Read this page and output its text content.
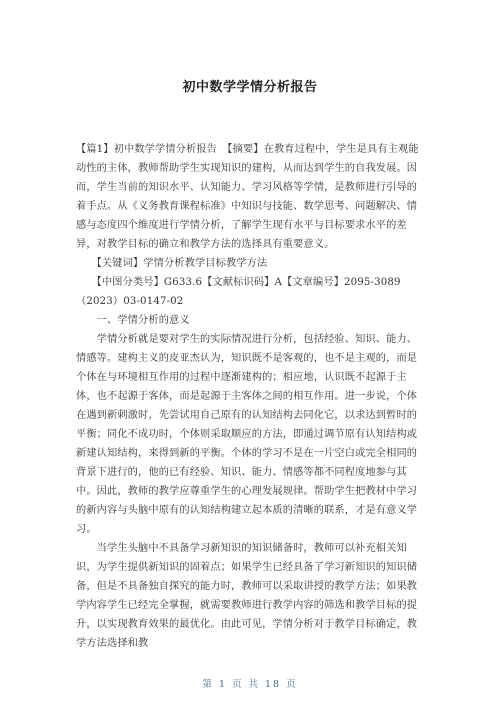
初中数学学情分析报告

【篇1】初中数学学情分析报告　【摘要】在教育过程中，学生是具有主观能动性的主体，教师帮助学生实现知识的建构，从而达到学生的自我发展。因而，学生当前的知识水平、认知能力、学习风格等学情，是教师进行引导的着手点。从《义务教育课程标准》中知识与技能、数学思考、问题解决、情感与态度四个维度进行学情分析，了解学生现有水平与目标要求水平的差异，对教学目标的确立和教学方法的选择具有重要意义。

　　【关键词】学情分析教学目标教学方法

　　【中图分类号】G633.6【文献标识码】A【文章编号】2095-3089（2023）03-0147-02

　　一、学情分析的意义

　　学情分析就是要对学生的实际情况进行分析，包括经验、知识、能力、情感等。建构主义的皮亚杰认为，知识既不是客观的，也不是主观的，而是个体在与环境相互作用的过程中逐渐建构的；相应地，认识既不起源于主体，也不起源于客体，而是起源于主客体之间的相互作用。进一步说，个体在遇到新刺激时，先尝试用自己原有的认知结构去同化它，以求达到暂时的平衡；同化不成功时，个体则采取顺应的方法，即通过调节原有认知结构或新建认知结构，来得到新的平衡。个体的学习不是在一片空白或完全相同的背景下进行的，他的已有经验、知识、能力、情感等都不同程度地参与其中。因此，教师的教学应尊重学生的心理发展规律。帮助学生把教材中学习的新内容与头脑中原有的认知结构建立起本质的清晰的联系，才是有意义学习。

　　当学生头脑中不具备学习新知识的知识储备时，教师可以补充相关知识，为学生提供新知识的固着点；如果学生已经具备了学习新知识的知识储备，但是不具备独自探究的能力时，教师可以采取讲授的教学方法；如果教学内容学生已经完全掌握，就需要教师进行教学内容的筛选和教学目标的提升，以实现教育效果的最优化。由此可见，学情分析对于教学目标确定，教学方法选择和教

第 1 页 共 18 页
